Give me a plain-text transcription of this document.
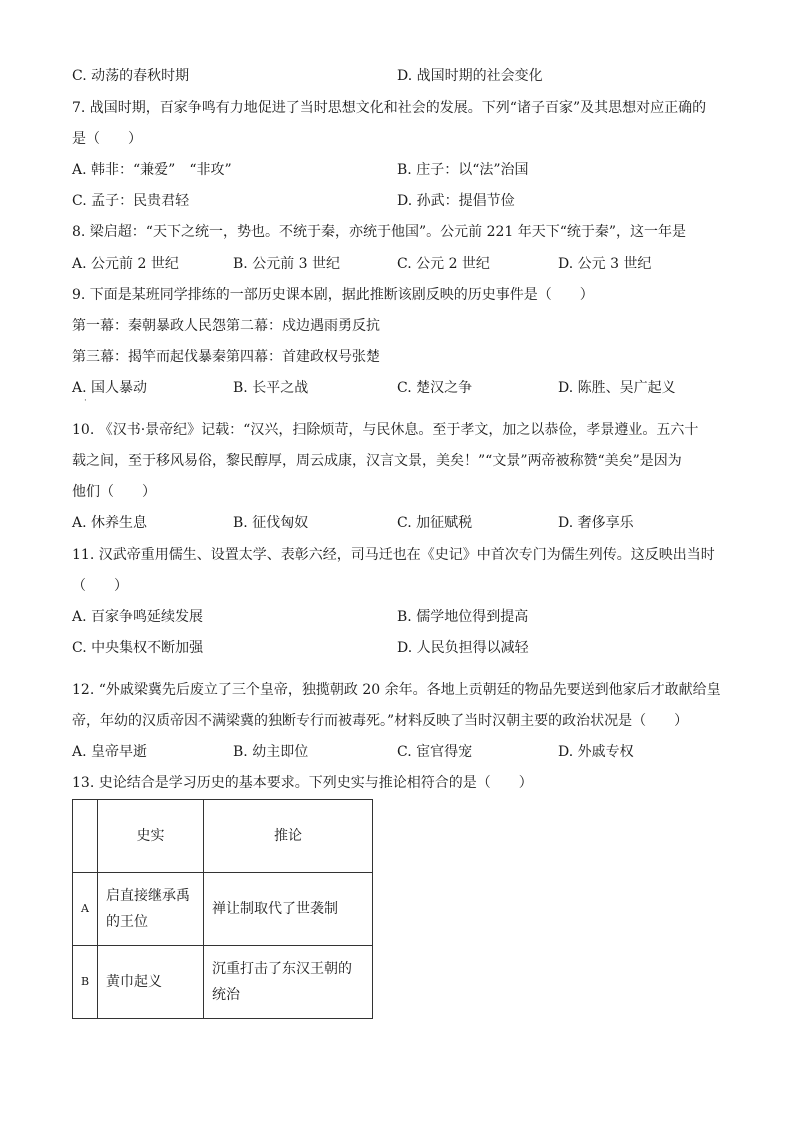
C. 动荡的春秋时期	D. 战国时期的社会变化
7. 战国时期，百家争鸣有力地促进了当时思想文化和社会的发展。下列“诸子百家”及其思想对应正确的
是（　　）
A. 韩非：“兼爱”　“非攻”	B. 庄子：以“法”治国
C. 孟子：民贵君轻	D. 孙武：提倡节俭
8. 梁启超：“天下之统一，势也。不统于秦，亦统于他国”。公元前 221 年天下“统于秦”，这一年是
A. 公元前 2 世纪	B. 公元前 3 世纪	C. 公元 2 世纪	D. 公元 3 世纪
9. 下面是某班同学排练的一部历史课本剧，据此推断该剧反映的历史事件是（　　）
第一幕：秦朝暴政人民怨第二幕：戍边遇雨勇反抗
第三幕：揭竿而起伐暴秦第四幕：首建政权号张楚
A. 国人暴动	B. 长平之战	C. 楚汉之争	D. 陈胜、吴广起义
·
10. 《汉书·景帝纪》记载：“汉兴，扫除烦苛，与民休息。至于孝文，加之以恭俭，孝景遵业。五六十
载之间，至于移风易俗，黎民醇厚，周云成康，汉言文景，美矣！”“文景”两帝被称赞“美矣”是因为
他们（　　）
A. 休养生息	B. 征伐匈奴	C. 加征赋税	D. 奢侈享乐
11. 汉武帝重用儒生、设置太学、表彰六经，司马迁也在《史记》中首次专门为儒生列传。这反映出当时
（　　）
A. 百家争鸣延续发展	B. 儒学地位得到提高
C. 中央集权不断加强	D. 人民负担得以减轻
12. “外戚梁冀先后废立了三个皇帝，独揽朝政 20 余年。各地上贡朝廷的物品先要送到他家后才敢献给皇
帝，年幼的汉质帝因不满梁冀的独断专行而被毒死。”材料反映了当时汉朝主要的政治状况是（　　）
A. 皇帝早逝	B. 幼主即位	C. 宦官得宠	D. 外戚专权
13. 史论结合是学习历史的基本要求。下列史实与推论相符合的是（　　）
	史实	推论
A	启直接继承禹
的王位	禅让制取代了世袭制

B	黄巾起义	沉重打击了东汉王朝的
统治
